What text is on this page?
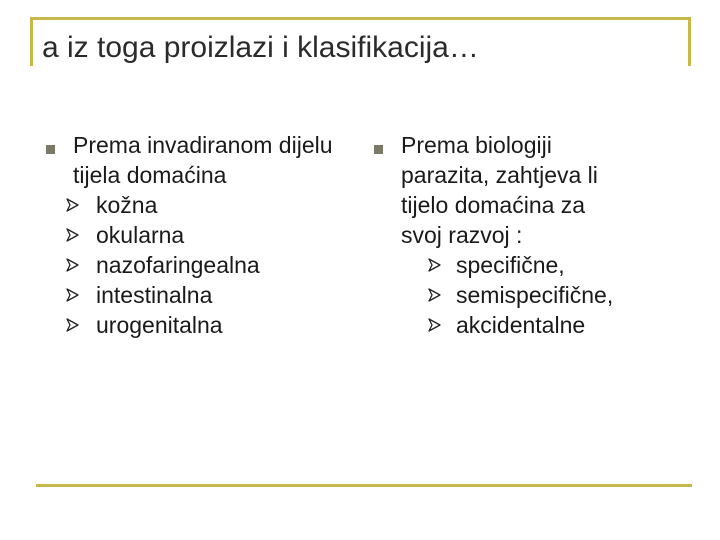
a iz toga proizlazi i klasifikacija…
Prema invadiranom dijelu tijela domaćina
kožna
okularna
nazofaringealna
intestinalna
urogenitalna
Prema biologiji
parazita, zahtjeva li
tijelo domaćina za
svoj razvoj :
specifične,
semispecifične,
akcidentalne
